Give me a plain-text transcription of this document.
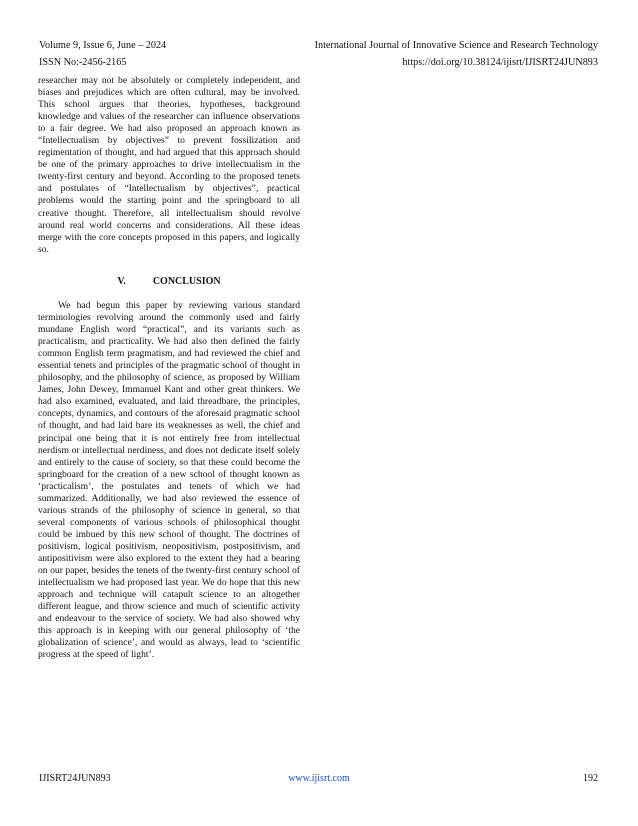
Volume 9, Issue 6, June – 2024	International Journal of Innovative Science and Research Technology
ISSN No:-2456-2165	https://doi.org/10.38124/ijisrt/IJISRT24JUN893
researcher may not be absolutely or completely independent, and biases and prejudices which are often cultural, may be involved. This school argues that theories, hypotheses, background knowledge and values of the researcher can influence observations to a fair degree. We had also proposed an approach known as “Intellectualism by objectives” to prevent fossilization and regimentation of thought, and had argued that this approach should be one of the primary approaches to drive intellectualism in the twenty-first century and beyond. According to the proposed tenets and postulates of “Intellectualism by objectives”, practical problems would the starting point and the springboard to all creative thought. Therefore, all intellectualism should revolve around real world concerns and considerations. All these ideas merge with the core concepts proposed in this papers, and logically so.
V.	CONCLUSION
We had begun this paper by reviewing various standard terminologies revolving around the commonly used and fairly mundane English word “practical”, and its variants such as practicalism, and practicality. We had also then defined the fairly common English term pragmatism, and had reviewed the chief and essential tenets and principles of the pragmatic school of thought in philosophy, and the philosophy of science, as proposed by William James, John Dewey, Immanuel Kant and other great thinkers. We had also examined, evaluated, and laid threadbare, the principles, concepts, dynamics, and contours of the aforesaid pragmatic school of thought, and had laid bare its weaknesses as well, the chief and principal one being that it is not entirely free from intellectual nerdism or intellectual nerdiness, and does not dedicate itself solely and entirely to the cause of society, so that these could become the springboard for the creation of a new school of thought known as ‘practicalism’, the postulates and tenets of which we had summarized. Additionally, we had also reviewed the essence of various strands of the philosophy of science in general, so that several components of various schools of philosophical thought could be imbued by this new school of thought. The doctrines of positivism, logical positivism, neopositivism, postpositivism, and antipositivism were also explored to the extent they had a bearing on our paper, besides the tenets of the twenty-first century school of intellectualism we had proposed last year. We do hope that this new approach and technique will catapult science to an altogether different league, and throw science and much of scientific activity and endeavour to the service of society. We had also showed why this approach is in keeping with our general philosophy of ‘the globalization of science’, and would as always, lead to ‘scientific progress at the speed of light’.
IJISRT24JUN893	www.ijisrt.com	192
